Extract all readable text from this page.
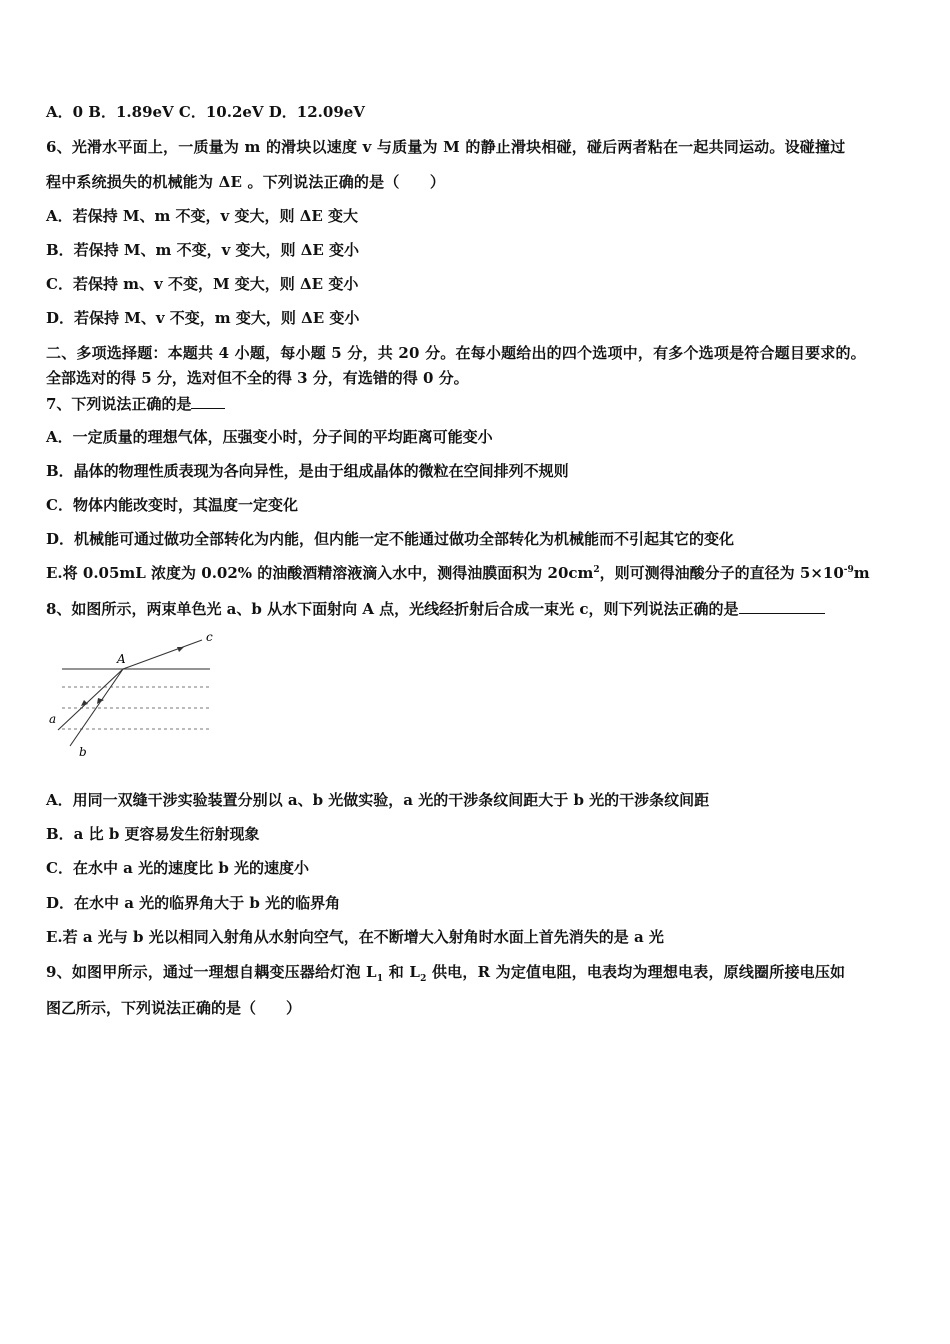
A．0 B．1.89eV C．10.2eV D．12.09eV
6、光滑水平面上，一质量为 m 的滑块以速度 v 与质量为 M 的静止滑块相碰，碰后两者粘在一起共同运动。设碰撞过
程中系统损失的机械能为 ΔE 。下列说法正确的是（　　）
A．若保持 M、m 不变，v 变大，则 ΔE 变大
B．若保持 M、m 不变，v 变大，则 ΔE 变小
C．若保持 m、v 不变，M 变大，则 ΔE 变小
D．若保持 M、v 不变，m 变大，则 ΔE 变小
二、多项选择题：本题共 4 小题，每小题 5 分，共 20 分。在每小题给出的四个选项中，有多个选项是符合题目要求的。
全部选对的得 5 分，选对但不全的得 3 分，有选错的得 0 分。
7、下列说法正确的是
A．一定质量的理想气体，压强变小时，分子间的平均距离可能变小
B．晶体的物理性质表现为各向异性，是由于组成晶体的微粒在空间排列不规则
C．物体内能改变时，其温度一定变化
D．机械能可通过做功全部转化为内能，但内能一定不能通过做功全部转化为机械能而不引起其它的变化
E.将 0.05mL 浓度为 0.02% 的油酸酒精溶液滴入水中，测得油膜面积为 $20cm^2$，则可测得油酸分子的直径为 $5\times 10^{-9}m$
8、如图所示，两束单色光 a、b 从水下面射向 A 点，光线经折射后合成一束光 c，则下列说法正确的是
A
c
a
b
A．用同一双缝干涉实验装置分别以 a、b 光做实验，a 光的干涉条纹间距大于 b 光的干涉条纹间距
B．a 比 b 更容易发生衍射现象
C．在水中 a 光的速度比 b 光的速度小
D．在水中 a 光的临界角大于 b 光的临界角
E.若 a 光与 b 光以相同入射角从水射向空气，在不断增大入射角时水面上首先消失的是 a 光
9、如图甲所示，通过一理想自耦变压器给灯泡 $L_1$ 和 $L_2$ 供电，R 为定值电阻，电表均为理想电表，原线圈所接电压如
图乙所示，下列说法正确的是（　　）
